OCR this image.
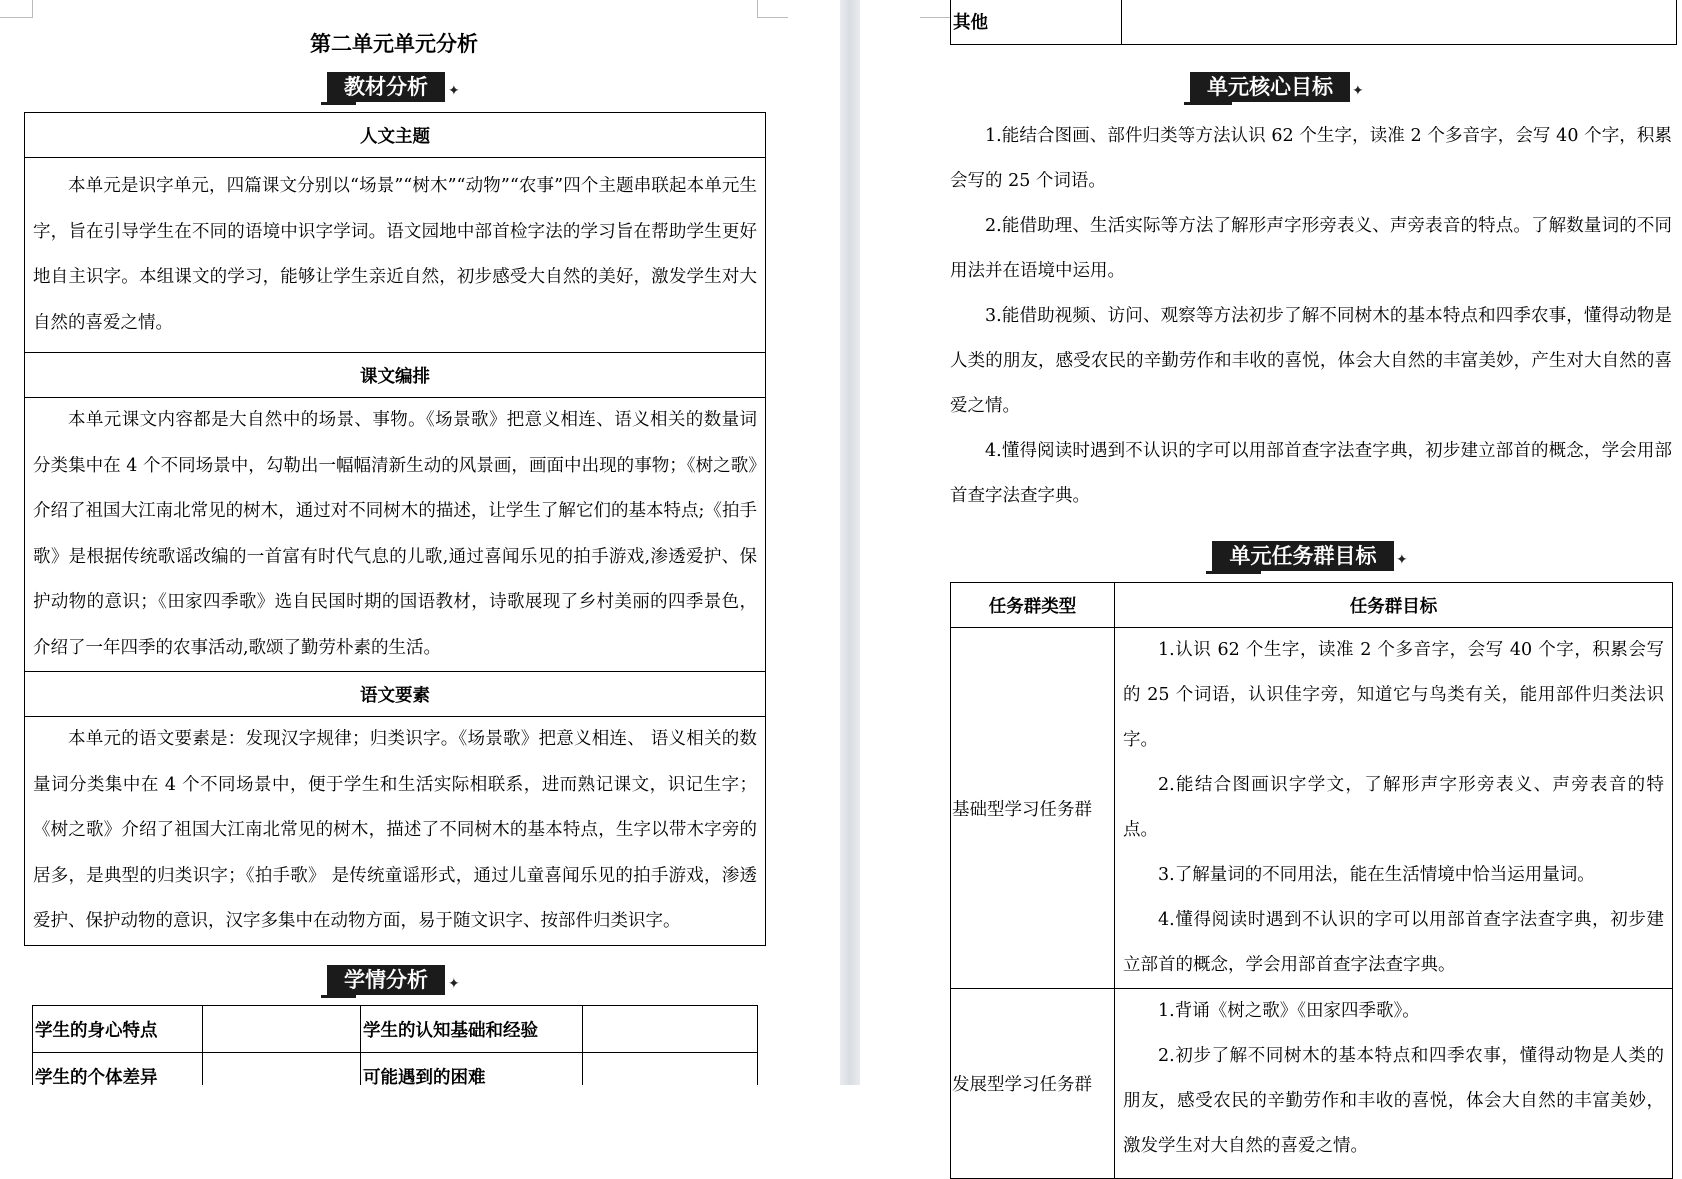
第二单元单元分析
教材分析	✦
人文主题

本单元是识字单元，四篇课文分别以“场景”“树木”“动物”“农事”四个主题串联起本单元生字，旨在引导学生在不同的语境中识字学词。语文园地中部首检字法的学习旨在帮助学生更好地自主识字。本组课文的学习，能够让学生亲近自然，初步感受大自然的美好，激发学生对大自然的喜爱之情。

课文编排

本单元课文内容都是大自然中的场景、事物。《场景歌》把意义相连、语义相关的数量词分类集中在 4 个不同场景中，勾勒出一幅幅清新生动的风景画，画面中出现的事物；《树之歌》介绍了祖国大江南北常见的树木，通过对不同树木的描述，让学生了解它们的基本特点;《拍手歌》是根据传统歌谣改编的一首富有时代气息的儿歌,通过喜闻乐见的拍手游戏,渗透爱护、保护动物的意识；《田家四季歌》选自民国时期的国语教材，诗歌展现了乡村美丽的四季景色，介绍了一年四季的农事活动,歌颂了勤劳朴素的生活。

语文要素

本单元的语文要素是：发现汉字规律；归类识字。《场景歌》把意义相连、 语义相关的数量词分类集中在 4 个不同场景中，便于学生和生活实际相联系，进而熟记课文，识记生字；《树之歌》介绍了祖国大江南北常见的树木，描述了不同树木的基本特点，生字以带木字旁的居多，是典型的归类识字；《拍手歌》 是传统童谣形式，通过儿童喜闻乐见的拍手游戏，渗透爱护、保护动物的意识，汉字多集中在动物方面，易于随文识字、按部件归类识字。
学情分析	✦
学生的身心特点		学生的认知基础和经验	
学生的个体差异		可能遇到的困难	
其他	
单元核心目标	✦

1.能结合图画、部件归类等方法认识 62 个生字，读准 2 个多音字，会写 40 个字，积累会写的 25 个词语。

2.能借助理、生活实际等方法了解形声字形旁表义、声旁表音的特点。了解数量词的不同用法并在语境中运用。

3.能借助视频、访问、观察等方法初步了解不同树木的基本特点和四季农事，懂得动物是人类的朋友，感受农民的辛勤劳作和丰收的喜悦，体会大自然的丰富美妙，产生对大自然的喜爱之情。

4.懂得阅读时遇到不认识的字可以用部首查字法查字典，初步建立部首的概念，学会用部首查字法查字典。

单元任务群目标	✦
任务群类型	任务群目标
基础型学习任务群	1.认识 62 个生字，读准 2 个多音字，会写 40 个字，积累会写的 25 个词语，认识佳字旁，知道它与鸟类有关，能用部件归类法识字。

2.能结合图画识字学文，了解形声字形旁表义、声旁表音的特点。

3.了解量词的不同用法，能在生活情境中恰当运用量词。

4.懂得阅读时遇到不认识的字可以用部首查字法查字典，初步建立部首的概念，学会用部首查字法查字典。

发展型学习任务群	1.背诵《树之歌》《田家四季歌》。

2.初步了解不同树木的基本特点和四季农事，懂得动物是人类的朋友，感受农民的辛勤劳作和丰收的喜悦，体会大自然的丰富美妙，激发学生对大自然的喜爱之情。
